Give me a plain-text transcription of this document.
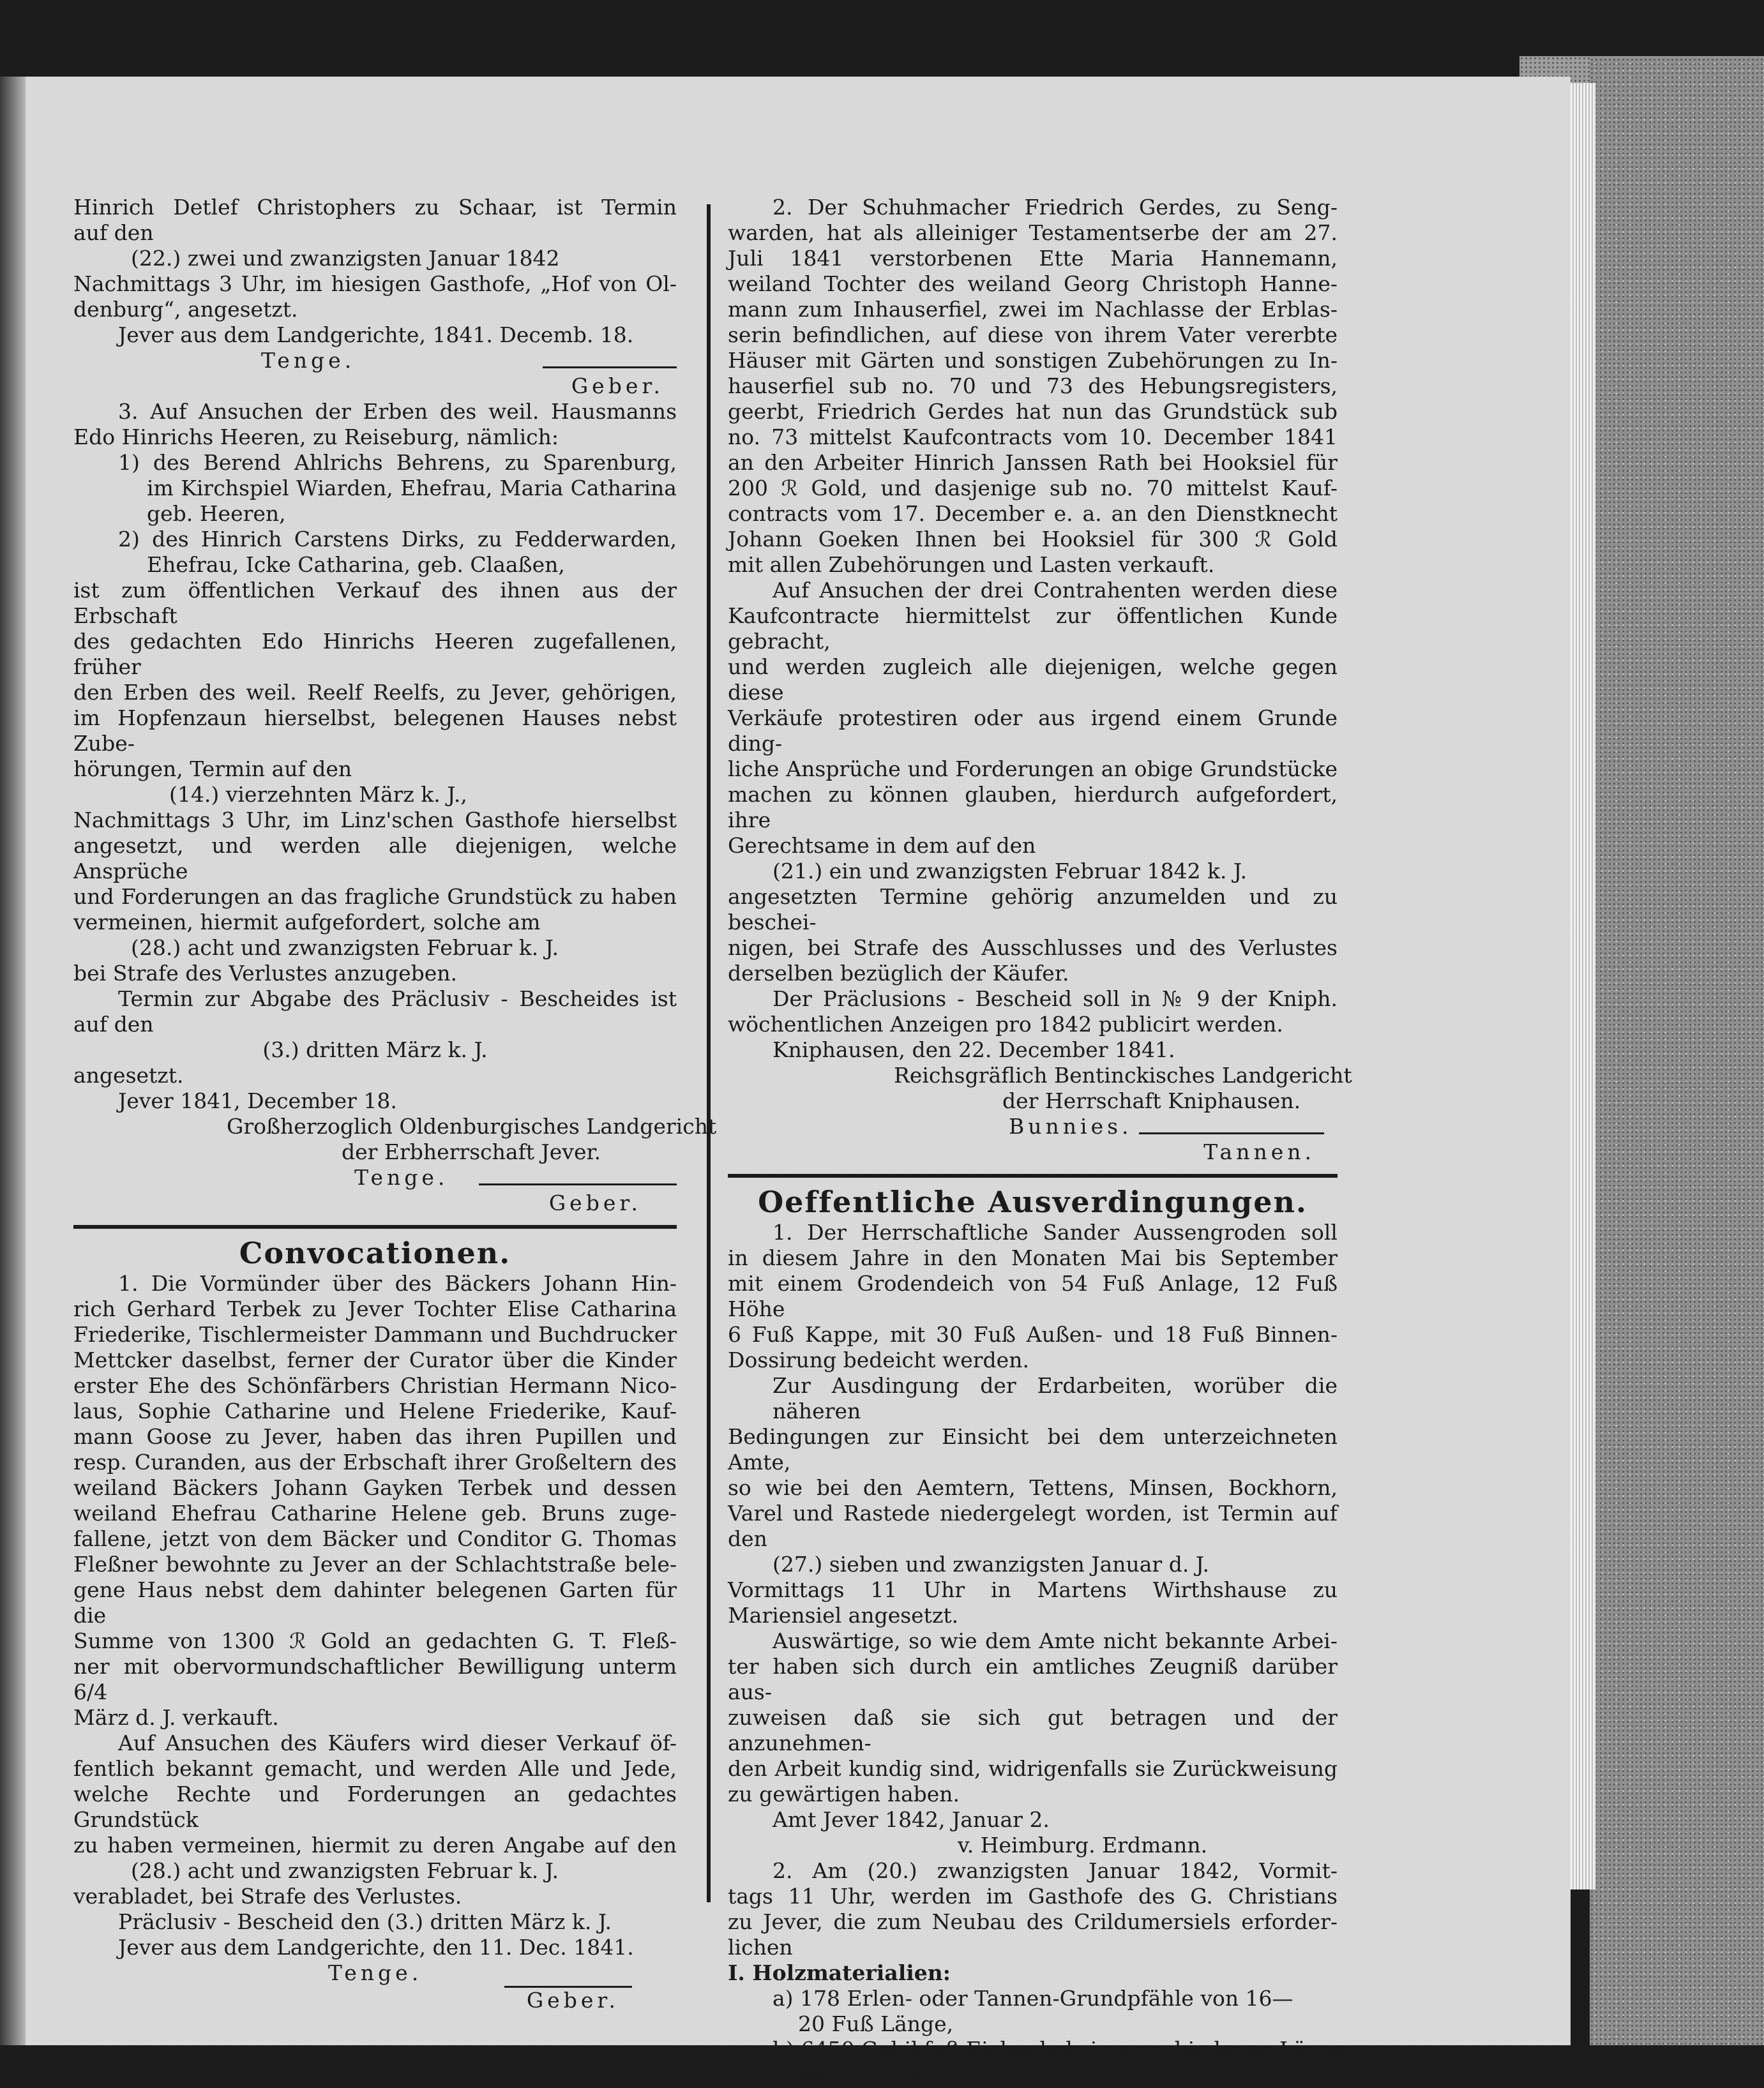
Hinrich Detlef Christophers zu Schaar, ist Termin
auf den
(22.) zwei und zwanzigsten Januar 1842
Nachmittags 3 Uhr, im hiesigen Gasthofe, „Hof von Ol-
denburg“, angesetzt.
Jever aus dem Landgerichte, 1841. Decemb. 18.
Tenge.
Geber.
3. Auf Ansuchen der Erben des weil. Hausmanns
Edo Hinrichs Heeren, zu Reiseburg, nämlich:
1) des Berend Ahlrichs Behrens, zu Sparenburg,
im Kirchspiel Wiarden, Ehefrau, Maria Catharina
geb. Heeren,
2) des Hinrich Carstens Dirks, zu Fedderwarden,
Ehefrau, Icke Catharina, geb. Claaßen,
ist zum öffentlichen Verkauf des ihnen aus der Erbschaft
des gedachten Edo Hinrichs Heeren zugefallenen, früher
den Erben des weil. Reelf Reelfs, zu Jever, gehörigen,
im Hopfenzaun hierselbst, belegenen Hauses nebst Zube-
hörungen, Termin auf den
(14.) vierzehnten März k. J.,
Nachmittags 3 Uhr, im Linz'schen Gasthofe hierselbst
angesetzt, und werden alle diejenigen, welche Ansprüche
und Forderungen an das fragliche Grundstück zu haben
vermeinen, hiermit aufgefordert, solche am
(28.) acht und zwanzigsten Februar k. J.
bei Strafe des Verlustes anzugeben.
Termin zur Abgabe des Präclusiv - Bescheides ist
auf den
(3.) dritten März k. J.
angesetzt.
Jever 1841, December 18.
Großherzoglich Oldenburgisches Landgericht
der Erbherrschaft Jever.
Tenge.
Geber.
Convocationen.
1. Die Vormünder über des Bäckers Johann Hin-
rich Gerhard Terbek zu Jever Tochter Elise Catharina
Friederike, Tischlermeister Dammann und Buchdrucker
Mettcker daselbst, ferner der Curator über die Kinder
erster Ehe des Schönfärbers Christian Hermann Nico-
laus, Sophie Catharine und Helene Friederike, Kauf-
mann Goose zu Jever, haben das ihren Pupillen und
resp. Curanden, aus der Erbschaft ihrer Großeltern des
weiland Bäckers Johann Gayken Terbek und dessen
weiland Ehefrau Catharine Helene geb. Bruns zuge-
fallene, jetzt von dem Bäcker und Conditor G. Thomas
Fleßner bewohnte zu Jever an der Schlachtstraße bele-
gene Haus nebst dem dahinter belegenen Garten für die
Summe von 1300 ℛ Gold an gedachten G. T. Fleß-
ner mit obervormundschaftlicher Bewilligung unterm 6/4
März d. J. verkauft.
Auf Ansuchen des Käufers wird dieser Verkauf öf-
fentlich bekannt gemacht, und werden Alle und Jede,
welche Rechte und Forderungen an gedachtes Grundstück
zu haben vermeinen, hiermit zu deren Angabe auf den
(28.) acht und zwanzigsten Februar k. J.
verabladet, bei Strafe des Verlustes.
Präclusiv - Bescheid den (3.) dritten März k. J.
Jever aus dem Landgerichte, den 11. Dec. 1841.
Tenge.
Geber.
2. Der Schuhmacher Friedrich Gerdes, zu Seng-
warden, hat als alleiniger Testamentserbe der am 27.
Juli 1841 verstorbenen Ette Maria Hannemann,
weiland Tochter des weiland Georg Christoph Hanne-
mann zum Inhauserfiel, zwei im Nachlasse der Erblas-
serin befindlichen, auf diese von ihrem Vater vererbte
Häuser mit Gärten und sonstigen Zubehörungen zu In-
hauserfiel sub no. 70 und 73 des Hebungsregisters,
geerbt, Friedrich Gerdes hat nun das Grundstück sub
no. 73 mittelst Kaufcontracts vom 10. December 1841
an den Arbeiter Hinrich Janssen Rath bei Hooksiel für
200 ℛ Gold, und dasjenige sub no. 70 mittelst Kauf-
contracts vom 17. December e. a. an den Dienstknecht
Johann Goeken Ihnen bei Hooksiel für 300 ℛ Gold
mit allen Zubehörungen und Lasten verkauft.
Auf Ansuchen der drei Contrahenten werden diese
Kaufcontracte hiermittelst zur öffentlichen Kunde gebracht,
und werden zugleich alle diejenigen, welche gegen diese
Verkäufe protestiren oder aus irgend einem Grunde ding-
liche Ansprüche und Forderungen an obige Grundstücke
machen zu können glauben, hierdurch aufgefordert, ihre
Gerechtsame in dem auf den
(21.) ein und zwanzigsten Februar 1842 k. J.
angesetzten Termine gehörig anzumelden und zu beschei-
nigen, bei Strafe des Ausschlusses und des Verlustes
derselben bezüglich der Käufer.
Der Präclusions - Bescheid soll in № 9 der Kniph.
wöchentlichen Anzeigen pro 1842 publicirt werden.
Kniphausen, den 22. December 1841.
Reichsgräflich Bentinckisches Landgericht
der Herrschaft Kniphausen.
Bunnies.
Tannen.
Oeffentliche Ausverdingungen.
1. Der Herrschaftliche Sander Aussengroden soll
in diesem Jahre in den Monaten Mai bis September
mit einem Grodendeich von 54 Fuß Anlage, 12 Fuß Höhe
6 Fuß Kappe, mit 30 Fuß Außen- und 18 Fuß Binnen-
Dossirung bedeicht werden.
Zur Ausdingung der Erdarbeiten, worüber die näheren
Bedingungen zur Einsicht bei dem unterzeichneten Amte,
so wie bei den Aemtern, Tettens, Minsen, Bockhorn,
Varel und Rastede niedergelegt worden, ist Termin auf den
(27.) sieben und zwanzigsten Januar d. J.
Vormittags 11 Uhr in Martens Wirthshause zu
Mariensiel angesetzt.
Auswärtige, so wie dem Amte nicht bekannte Arbei-
ter haben sich durch ein amtliches Zeugniß darüber aus-
zuweisen daß sie sich gut betragen und der anzunehmen-
den Arbeit kundig sind, widrigenfalls sie Zurückweisung
zu gewärtigen haben.
Amt Jever 1842, Januar 2.
v. Heimburg. Erdmann.
2. Am (20.) zwanzigsten Januar 1842, Vormit-
tags 11 Uhr, werden im Gasthofe des G. Christians
zu Jever, die zum Neubau des Crildumersiels erforder-
lichen
I. Holzmaterialien:
a) 178 Erlen- oder Tannen-Grundpfähle von 16—
20 Fuß Länge,
b) 6450 Cubikfuß Eichenholz in verschiedenen Längen
und Stärken,
